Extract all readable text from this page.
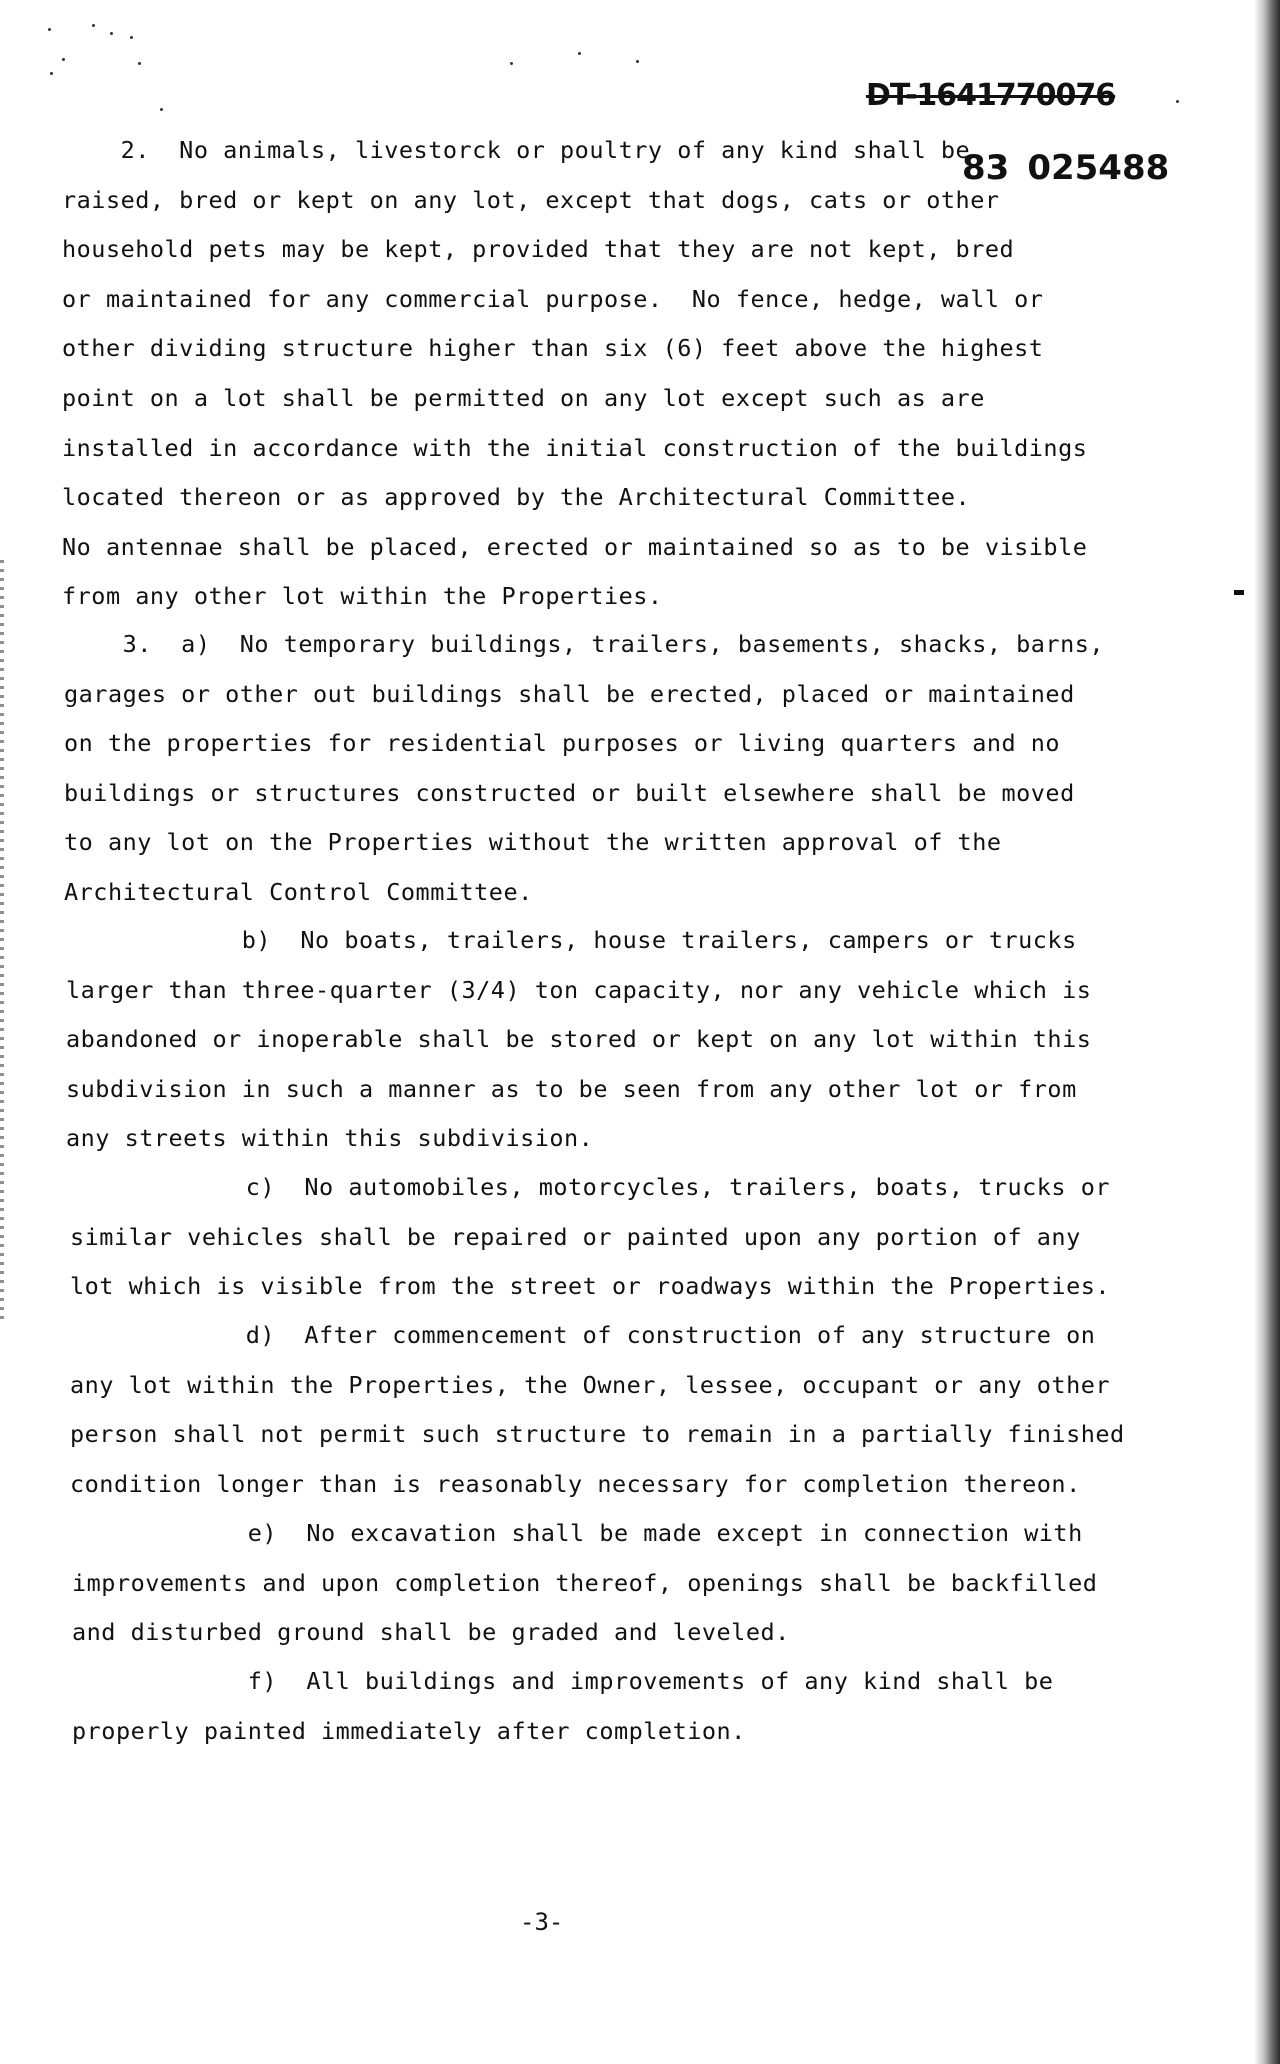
DT-1641770076
83 025488
2.  No animals, livestorck or poultry of any kind shall be
raised, bred or kept on any lot, except that dogs, cats or other
household pets may be kept, provided that they are not kept, bred
or maintained for any commercial purpose.  No fence, hedge, wall or
other dividing structure higher than six (6) feet above the highest
point on a lot shall be permitted on any lot except such as are
installed in accordance with the initial construction of the buildings
located thereon or as approved by the Architectural Committee.
No antennae shall be placed, erected or maintained so as to be visible
from any other lot within the Properties.
3.  a)  No temporary buildings, trailers, basements, shacks, barns,
garages or other out buildings shall be erected, placed or maintained
on the properties for residential purposes or living quarters and no
buildings or structures constructed or built elsewhere shall be moved
to any lot on the Properties without the written approval of the
Architectural Control Committee.
b)  No boats, trailers, house trailers, campers or trucks
larger than three-quarter (3/4) ton capacity, nor any vehicle which is
abandoned or inoperable shall be stored or kept on any lot within this
subdivision in such a manner as to be seen from any other lot or from
any streets within this subdivision.
c)  No automobiles, motorcycles, trailers, boats, trucks or
similar vehicles shall be repaired or painted upon any portion of any
lot which is visible from the street or roadways within the Properties.
d)  After commencement of construction of any structure on
any lot within the Properties, the Owner, lessee, occupant or any other
person shall not permit such structure to remain in a partially finished
condition longer than is reasonably necessary for completion thereon.
e)  No excavation shall be made except in connection with
improvements and upon completion thereof, openings shall be backfilled
and disturbed ground shall be graded and leveled.
f)  All buildings and improvements of any kind shall be
properly painted immediately after completion.
-3-
